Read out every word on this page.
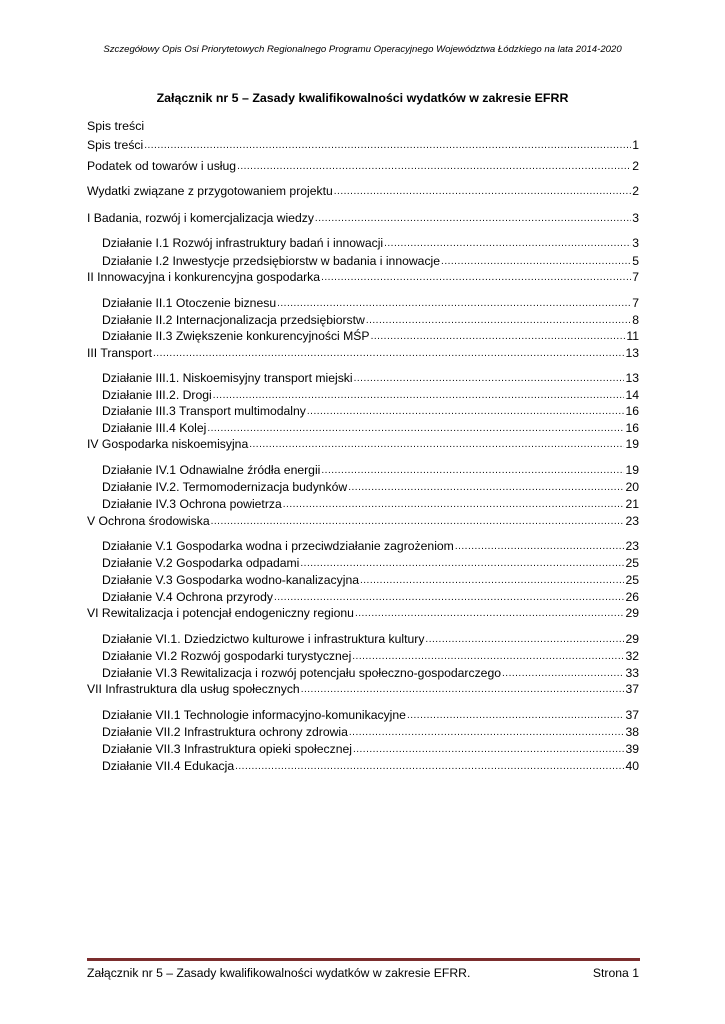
Szczegółowy Opis Osi Priorytetowych Regionalnego Programu Operacyjnego Województwa Łódzkiego na lata 2014-2020
Załącznik nr 5 – Zasady kwalifikowalności wydatków w zakresie EFRR
Spis treści
Spis treści .....	1
Podatek od towarów i usług .....	2
Wydatki związane z przygotowaniem projektu .....	2
I Badania, rozwój i komercjalizacja wiedzy .....	3
Działanie I.1 Rozwój infrastruktury badań i innowacji .....	3
Działanie I.2 Inwestycje przedsiębiorstw w badania i innowacje .....	5
II Innowacyjna i konkurencyjna gospodarka .....	7
Działanie II.1 Otoczenie biznesu .....	7
Działanie II.2 Internacjonalizacja przedsiębiorstw .....	8
Działanie II.3 Zwiększenie konkurencyjności MŚP .....	11
III Transport .....	13
Działanie III.1. Niskoemisyjny transport miejski .....	13
Działanie III.2. Drogi .....	14
Działanie III.3 Transport multimodalny .....	16
Działanie III.4 Kolej .....	16
IV Gospodarka niskoemisyjna .....	19
Działanie IV.1 Odnawialne źródła energii .....	19
Działanie IV.2. Termomodernizacja budynków .....	20
Działanie IV.3 Ochrona powietrza .....	21
V Ochrona środowiska .....	23
Działanie V.1 Gospodarka wodna i przeciwdziałanie zagrożeniom .....	23
Działanie V.2 Gospodarka odpadami .....	25
Działanie V.3 Gospodarka wodno-kanalizacyjna .....	25
Działanie V.4 Ochrona przyrody .....	26
VI Rewitalizacja i potencjał endogeniczny regionu .....	29
Działanie VI.1. Dziedzictwo kulturowe i infrastruktura kultury .....	29
Działanie VI.2 Rozwój gospodarki turystycznej .....	32
Działanie VI.3 Rewitalizacja i rozwój potencjału społeczno-gospodarczego .....	33
VII Infrastruktura dla usług społecznych .....	37
Działanie VII.1 Technologie informacyjno-komunikacyjne .....	37
Działanie VII.2 Infrastruktura ochrony zdrowia .....	38
Działanie VII.3 Infrastruktura opieki społecznej .....	39
Działanie VII.4 Edukacja .....	40
Załącznik nr 5 – Zasady kwalifikowalności wydatków w zakresie EFRR.	Strona 1
